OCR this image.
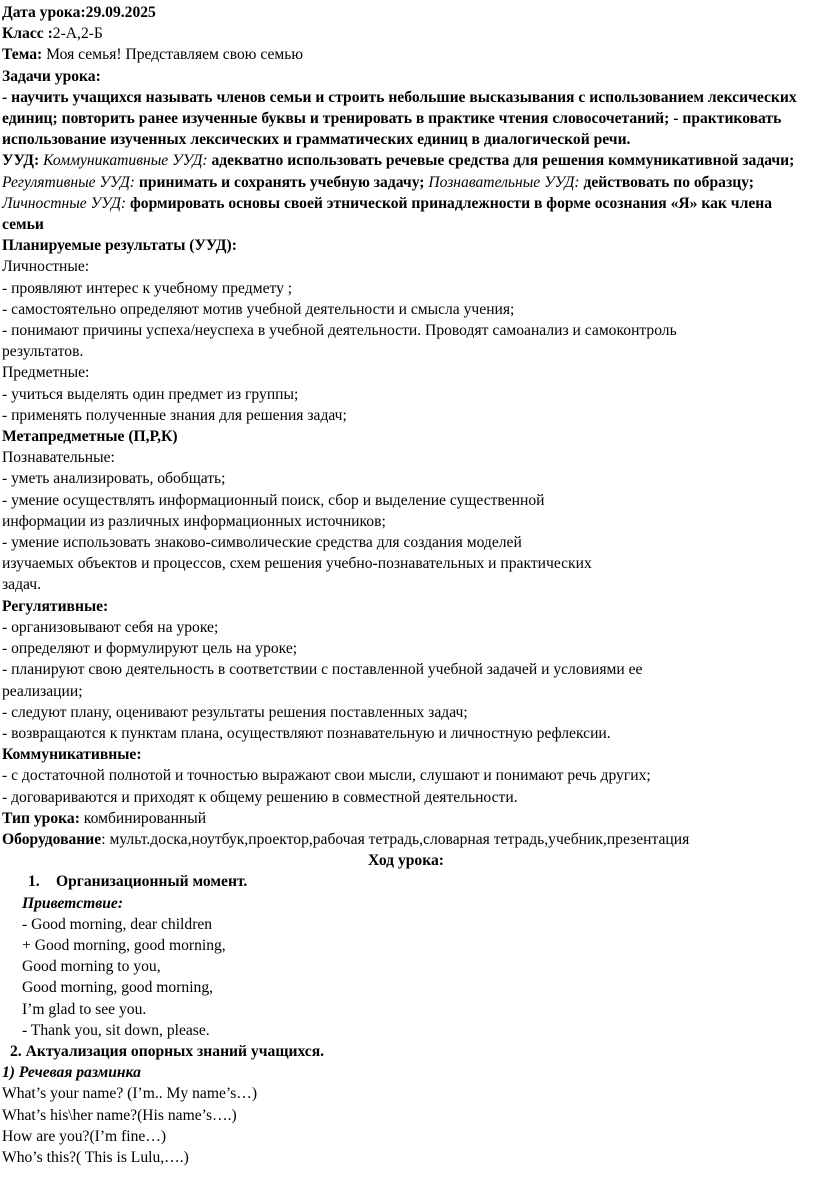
Дата урока:29.09.2025
Класс :2-А,2-Б
Тема: Моя семья! Представляем свою семью
Задачи урока:
- научить учащихся называть членов семьи и строить небольшие высказывания с использованием лексических единиц; повторить ранее изученные буквы и тренировать в практике чтения словосочетаний; - практиковать использование изученных лексических и грамматических единиц в диалогической речи.
УУД: Коммуникативные УУД: адекватно использовать речевые средства для решения коммуникативной задачи; Регулятивные УУД: принимать и сохранять учебную задачу; Познавательные УУД: действовать по образцу; Личностные УУД: формировать основы своей этнической принадлежности в форме осознания «Я» как члена семьи
Планируемые результаты (УУД):
Личностные:
- проявляют интерес к учебному предмету ;
- самостоятельно определяют мотив учебной деятельности и смысла учения;
- понимают причины успеха/неуспеха в учебной деятельности. Проводят самоанализ и самоконтроль
результатов.
Предметные:
- учиться выделять один предмет из группы;
- применять полученные знания для решения задач;
Метапредметные (П,Р,К)
Познавательные:
- уметь анализировать, обобщать;
- умение осуществлять информационный поиск, сбор и выделение существенной
информации из различных информационных источников;
- умение использовать знаково-символические средства для создания моделей
изучаемых объектов и процессов, схем решения учебно-познавательных и практических
задач.
Регулятивные:
- организовывают себя на уроке;
- определяют и формулируют цель на уроке;
- планируют свою деятельность в соответствии с поставленной учебной задачей и условиями ее
реализации;
- следуют плану, оценивают результаты решения поставленных задач;
- возвращаются к пунктам плана, осуществляют познавательную и личностную рефлексии.
Коммуникативные:
- с достаточной полнотой и точностью выражают свои мысли, слушают и понимают речь других;
- договариваются и приходят к общему решению в совместной деятельности.
Тип урока: комбинированный
Оборудование: мульт.доска,ноутбук,проектор,рабочая тетрадь,словарная тетрадь,учебник,презентация
Ход урока:
1. Организационный момент.
Приветствие:
- Good morning, dear children
+ Good morning, good morning,
Good morning to you,
Good morning, good morning,
I’m glad to see you.
- Thank you, sit down, please.
2. Актуализация опорных знаний учащихся.
1) Речевая разминка
What’s your name? (I’m.. My name’s…)
What’s his\her name?(His name’s….)
How are you?(I’m fine…)
Who’s this?( This is Lulu,….)
